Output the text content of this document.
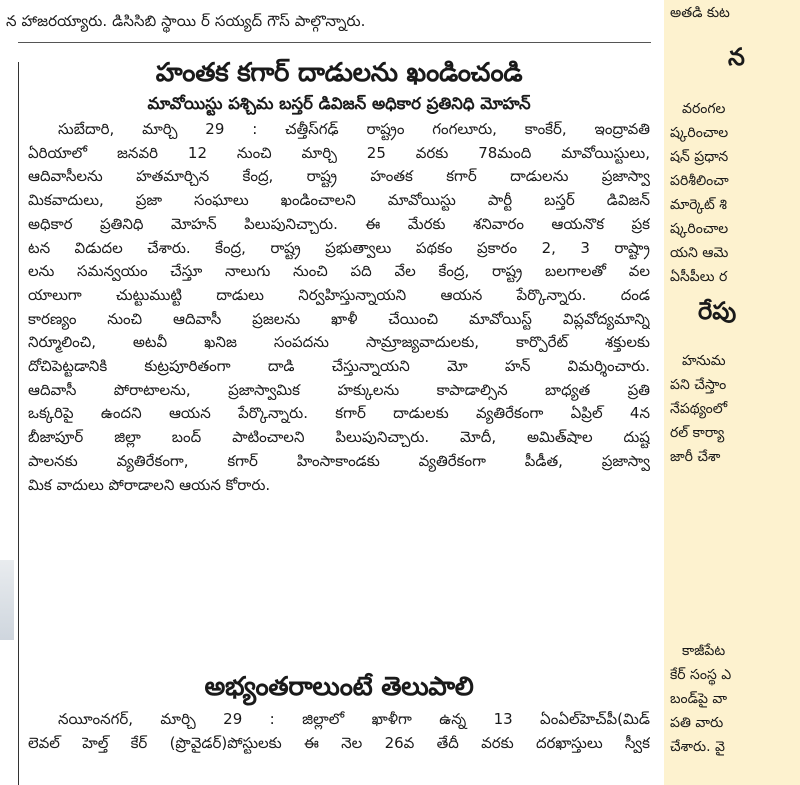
న హాజరయ్యారు. డిసిసిబి స్థాయి ర్ సయ్యద్ గౌస్ పాల్గొన్నారు.
హంతక కగార్ దాడులను ఖండించండి
మావోయిస్టు పశ్చిమ బస్తర్ డివిజన్ అధికార ప్రతినిధి మోహన్
సుబేదారి, మార్చి 29 : చత్తీస్‌గఢ్ రాష్ట్రం గంగలూరు, కాంకేర్, ఇంద్రావతి
ఏరియాలో జనవరి 12 నుంచి మార్చి 25 వరకు 78మంది మావోయిస్టులు,
ఆదివాసీలను హతమార్చిన కేంద్ర, రాష్ట్ర హంతక కగార్ దాడులను ప్రజాస్వా
మికవాదులు, ప్రజా సంఘాలు ఖండించాలని మావోయిస్టు పార్టీ బస్తర్ డివిజన్
అధికార ప్రతినిధి మోహన్ పిలుపునిచ్చారు. ఈ మేరకు శనివారం ఆయనొక ప్రక
టన విడుదల చేశారు. కేంద్ర, రాష్ట్ర ప్రభుత్వాలు పథకం ప్రకారం 2, 3 రాష్ట్రా
లను సమన్వయం చేస్తూ నాలుగు నుంచి పది వేల కేంద్ర, రాష్ట్ర బలగాలతో వల
యాలుగా చుట్టుముట్టి దాడులు నిర్వహిస్తున్నాయని ఆయన పేర్కొన్నారు. దండ
కారణ్యం నుంచి ఆదివాసీ ప్రజలను ఖాళీ చేయించి మావోయిస్ట్ విప్లవోద్యమాన్ని
నిర్మూలించి, అటవీ ఖనిజ సంపదను సామ్రాజ్యవాదులకు, కార్పొరేట్ శక్తులకు
దోచిపెట్టడానికి కుట్రపూరితంగా దాడి చేస్తున్నాయని మో హన్ విమర్శించారు.
ఆదివాసీ పోరాటాలను, ప్రజాస్వామిక హక్కులను కాపాడాల్సిన బాధ్యత ప్రతి
ఒక్కరిపై ఉందని ఆయన పేర్కొన్నారు. కగార్ దాడులకు వ్యతిరేకంగా ఏప్రిల్ 4న
బీజాపూర్ జిల్లా బంద్ పాటించాలని పిలుపునిచ్చారు. మోదీ, అమిత్‌షాల దుష్ట
పాలనకు వ్యతిరేకంగా, కగార్ హింసాకాండకు వ్యతిరేకంగా పీడీత, ప్రజాస్వా
మిక వాదులు పోరాడాలని ఆయన కోరారు.
అభ్యంతరాలుంటే తెలుపాలి
నయీంనగర్, మార్చి 29 : జిల్లాలో ఖాళీగా ఉన్న 13 ఏంఏల్‌హెచ్‌పీ(మిడ్
లెవల్ హెల్త్ కేర్ (ప్రొవైడర్)పోస్టులకు ఈ నెల 26వ తేదీ వరకు దరఖాస్తులు స్వీక
అతడి కుట
న
వరంగల
ష్కరించాల
షన్ ప్రధాన
పరిశీలించా
మార్కెట్ శి
ష్కరించాల
యని ఆమె
ఏసీపీలు ర
రేపు
హనుమ
పని చేస్తాం
నేపథ్యంలో
రల్ కార్యా
జారీ చేశా
కాజీపేట
కేర్ సంస్థ ఎ
బండ్‌పై వా
పతి వారు
చేశారు. వై
